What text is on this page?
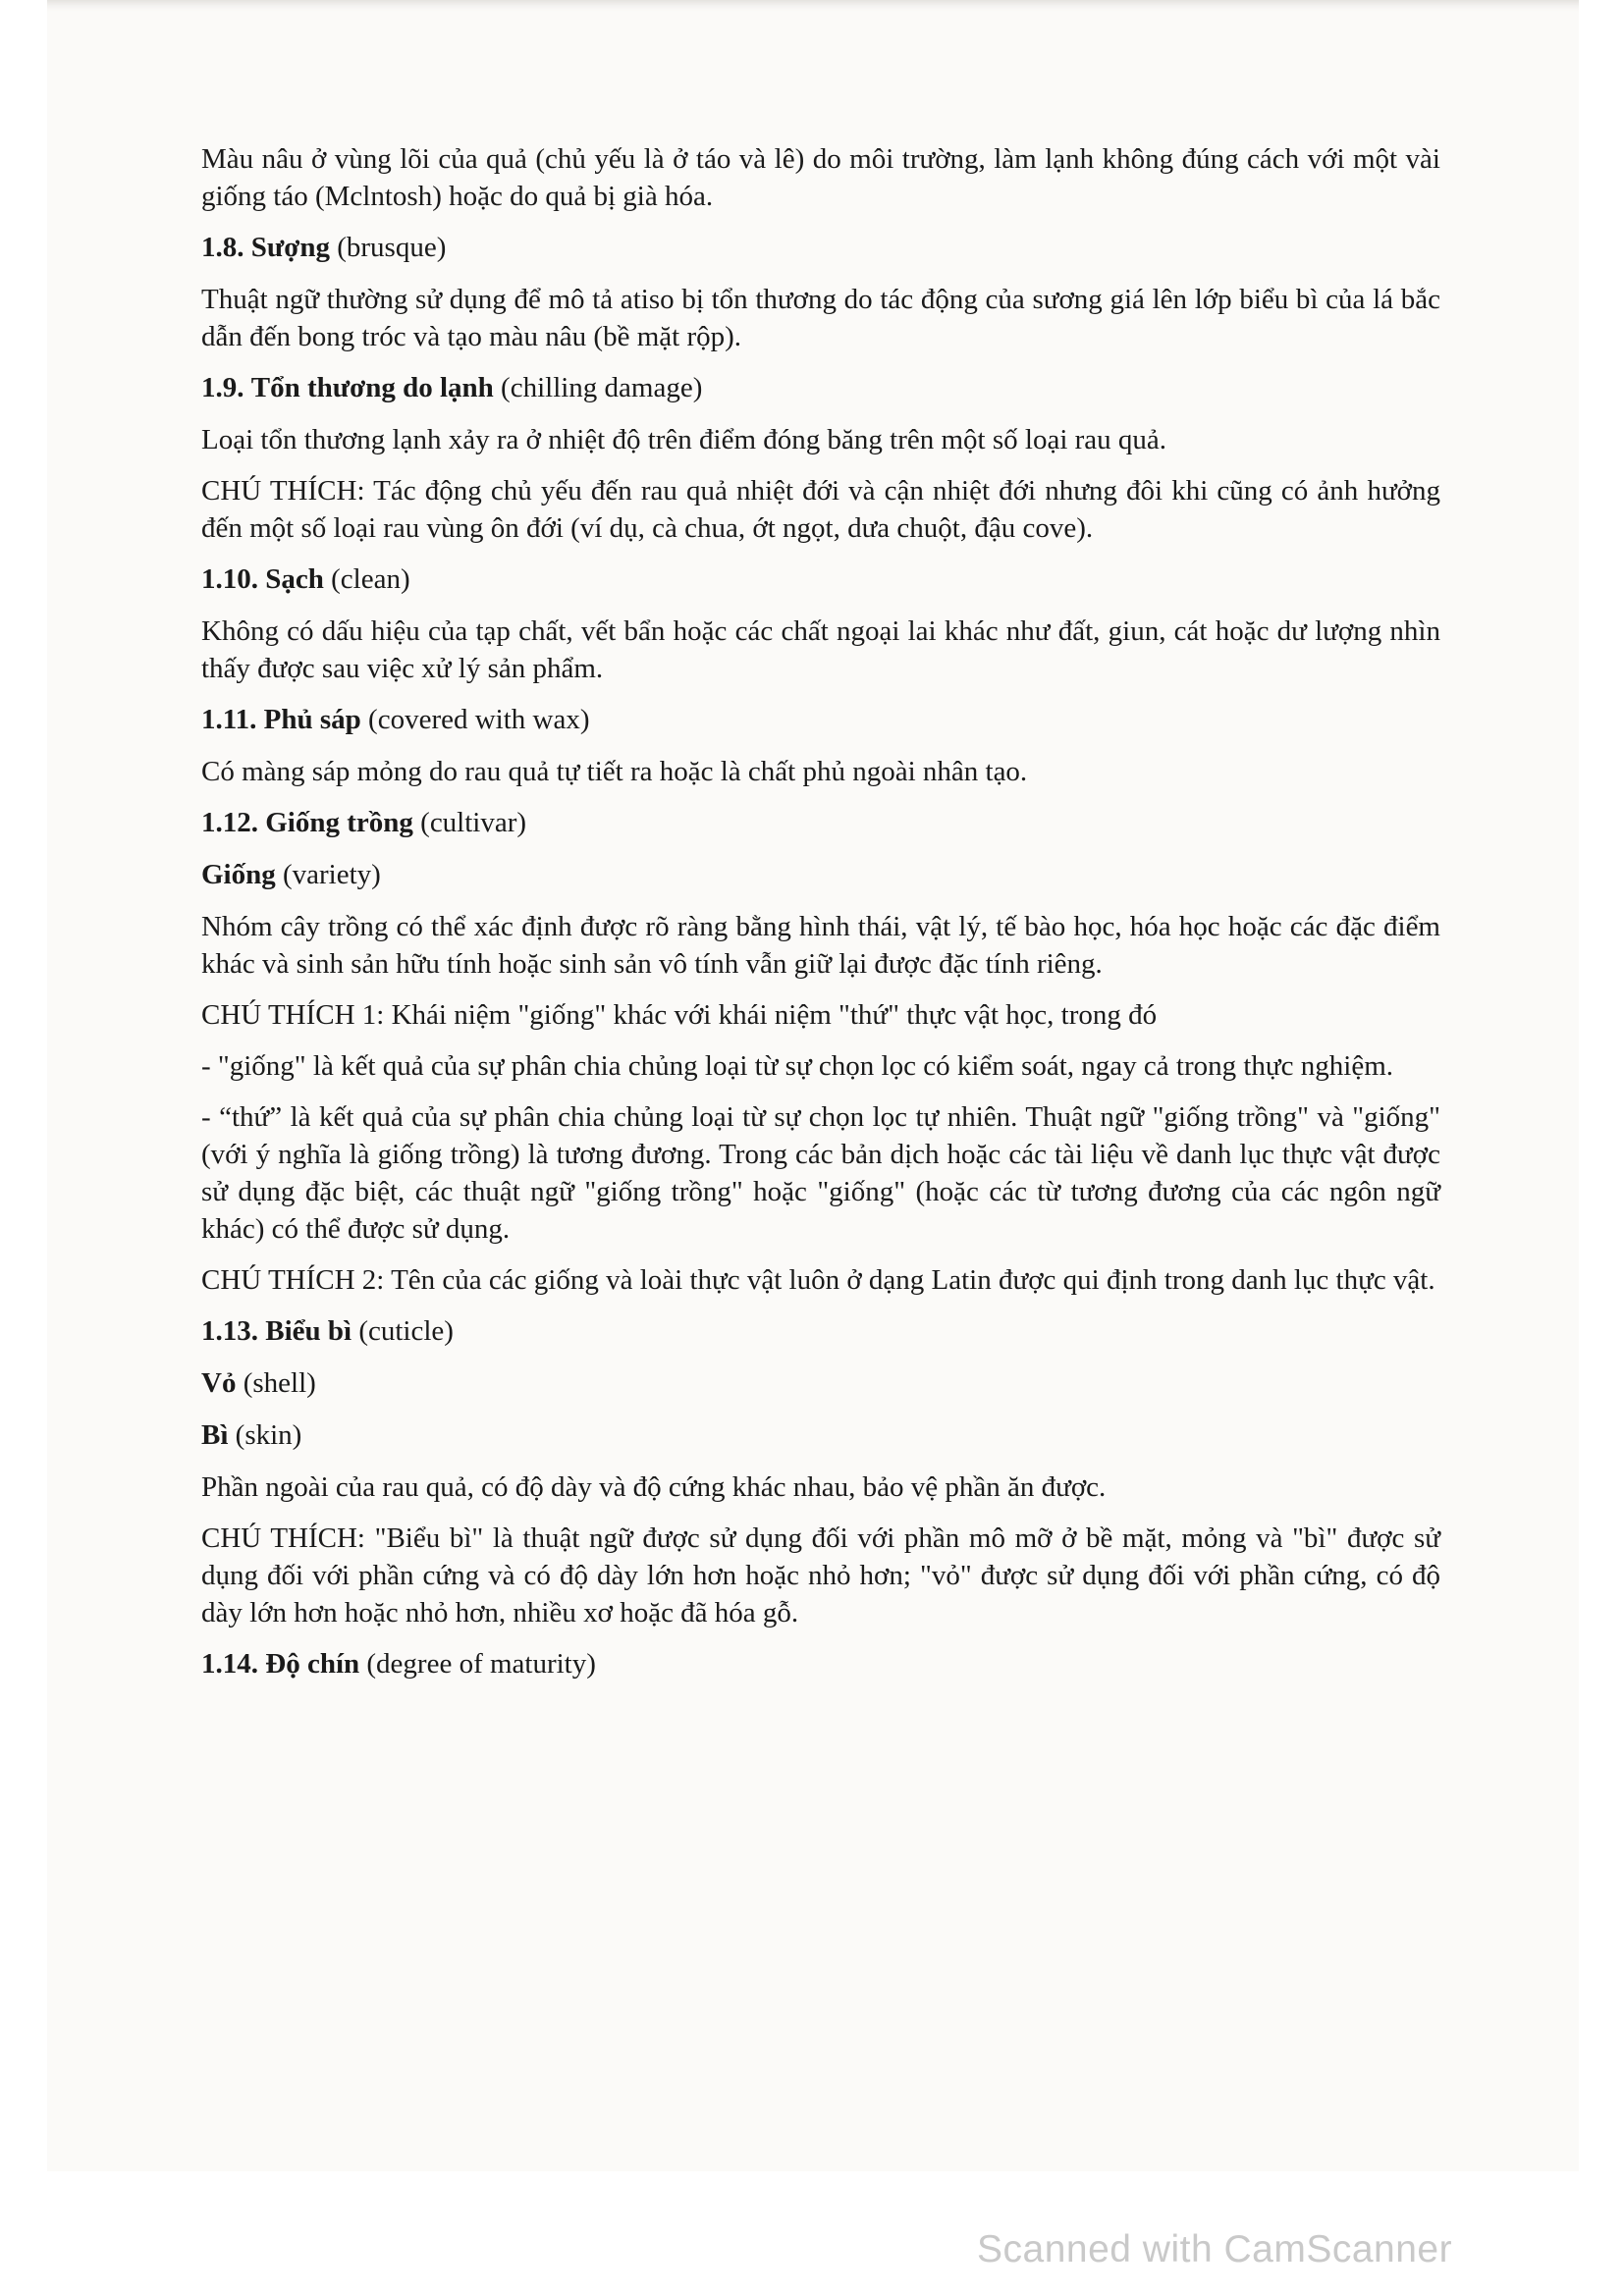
Màu nâu ở vùng lõi của quả (chủ yếu là ở táo và lê) do môi trường, làm lạnh không đúng cách với một vài giống táo (Mclntosh) hoặc do quả bị già hóa.

1.8. Sượng (brusque)

Thuật ngữ thường sử dụng để mô tả atiso bị tổn thương do tác động của sương giá lên lớp biểu bì của lá bắc dẫn đến bong tróc và tạo màu nâu (bề mặt rộp).

1.9. Tổn thương do lạnh (chilling damage)

Loại tổn thương lạnh xảy ra ở nhiệt độ trên điểm đóng băng trên một số loại rau quả.

CHÚ THÍCH: Tác động chủ yếu đến rau quả nhiệt đới và cận nhiệt đới nhưng đôi khi cũng có ảnh hưởng đến một số loại rau vùng ôn đới (ví dụ, cà chua, ớt ngọt, dưa chuột, đậu cove).

1.10. Sạch (clean)

Không có dấu hiệu của tạp chất, vết bẩn hoặc các chất ngoại lai khác như đất, giun, cát hoặc dư lượng nhìn thấy được sau việc xử lý sản phẩm.

1.11. Phủ sáp (covered with wax)

Có màng sáp mỏng do rau quả tự tiết ra hoặc là chất phủ ngoài nhân tạo.

1.12. Giống trồng (cultivar)

Giống (variety)

Nhóm cây trồng có thể xác định được rõ ràng bằng hình thái, vật lý, tế bào học, hóa học hoặc các đặc điểm khác và sinh sản hữu tính hoặc sinh sản vô tính vẫn giữ lại được đặc tính riêng.

CHÚ THÍCH 1: Khái niệm "giống" khác với khái niệm "thứ" thực vật học, trong đó

- "giống" là kết quả của sự phân chia chủng loại từ sự chọn lọc có kiểm soát, ngay cả trong thực nghiệm.

- “thứ” là kết quả của sự phân chia chủng loại từ sự chọn lọc tự nhiên. Thuật ngữ "giống trồng" và "giống" (với ý nghĩa là giống trồng) là tương đương. Trong các bản dịch hoặc các tài liệu về danh lục thực vật được sử dụng đặc biệt, các thuật ngữ "giống trồng" hoặc "giống" (hoặc các từ tương đương của các ngôn ngữ khác) có thể được sử dụng.

CHÚ THÍCH 2: Tên của các giống và loài thực vật luôn ở dạng Latin được qui định trong danh lục thực vật.

1.13. Biểu bì (cuticle)

Vỏ (shell)

Bì (skin)

Phần ngoài của rau quả, có độ dày và độ cứng khác nhau, bảo vệ phần ăn được.

CHÚ THÍCH: "Biểu bì" là thuật ngữ được sử dụng đối với phần mô mỡ ở bề mặt, mỏng và "bì" được sử dụng đối với phần cứng và có độ dày lớn hơn hoặc nhỏ hơn; "vỏ" được sử dụng đối với phần cứng, có độ dày lớn hơn hoặc nhỏ hơn, nhiều xơ hoặc đã hóa gỗ.

1.14. Độ chín (degree of maturity)

Scanned with CamScanner
